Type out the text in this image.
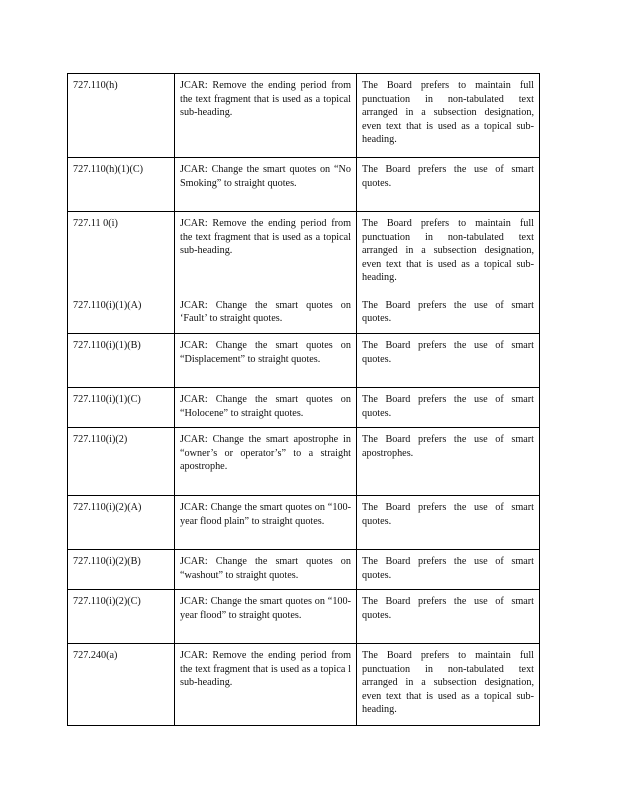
727.110(h)	JCAR: Remove the ending period from the text fragment that is used as a topical sub-heading.	The Board prefers to maintain full punctuation in non-tabulated text arranged in a subsection designation, even text that is used as a topical sub-heading.
727.110(h)(1)(C)	JCAR: Change the smart quotes on “No Smoking” to straight quotes.	The Board prefers the use of smart quotes.
727.11 0(i)	JCAR: Remove the ending period from the text fragment that is used as a topical sub-heading.	The Board prefers to maintain full punctuation in non-tabulated text arranged in a subsection designation, even text that is used as a topical sub-heading.
727.110(i)(1)(A)	JCAR: Change the smart quotes on ‘Fault’ to straight quotes.	The Board prefers the use of smart quotes.
727.110(i)(1)(B)	JCAR: Change the smart quotes on “Displacement” to straight quotes.	The Board prefers the use of smart quotes.
727.110(i)(1)(C)	JCAR: Change the smart quotes on “Holocene” to straight quotes.	The Board prefers the use of smart quotes.
727.110(i)(2)	JCAR: Change the smart apostrophe in “owner’s or operator’s” to a straight apostrophe.	The Board prefers the use of smart apostrophes.
727.110(i)(2)(A)	JCAR: Change the smart quotes on “100-year flood plain” to straight quotes.	The Board prefers the use of smart quotes.
727.110(i)(2)(B)	JCAR: Change the smart quotes on “washout” to straight quotes.	The Board prefers the use of smart quotes.
727.110(i)(2)(C)	JCAR: Change the smart quotes on “100-year flood” to straight quotes.	The Board prefers the use of smart quotes.
727.240(a)	JCAR: Remove the ending period from the text fragment that is used as a topica l sub-heading.	The Board prefers to maintain full punctuation in non-tabulated text arranged in a subsection designation, even text that is used as a topical sub-heading.
